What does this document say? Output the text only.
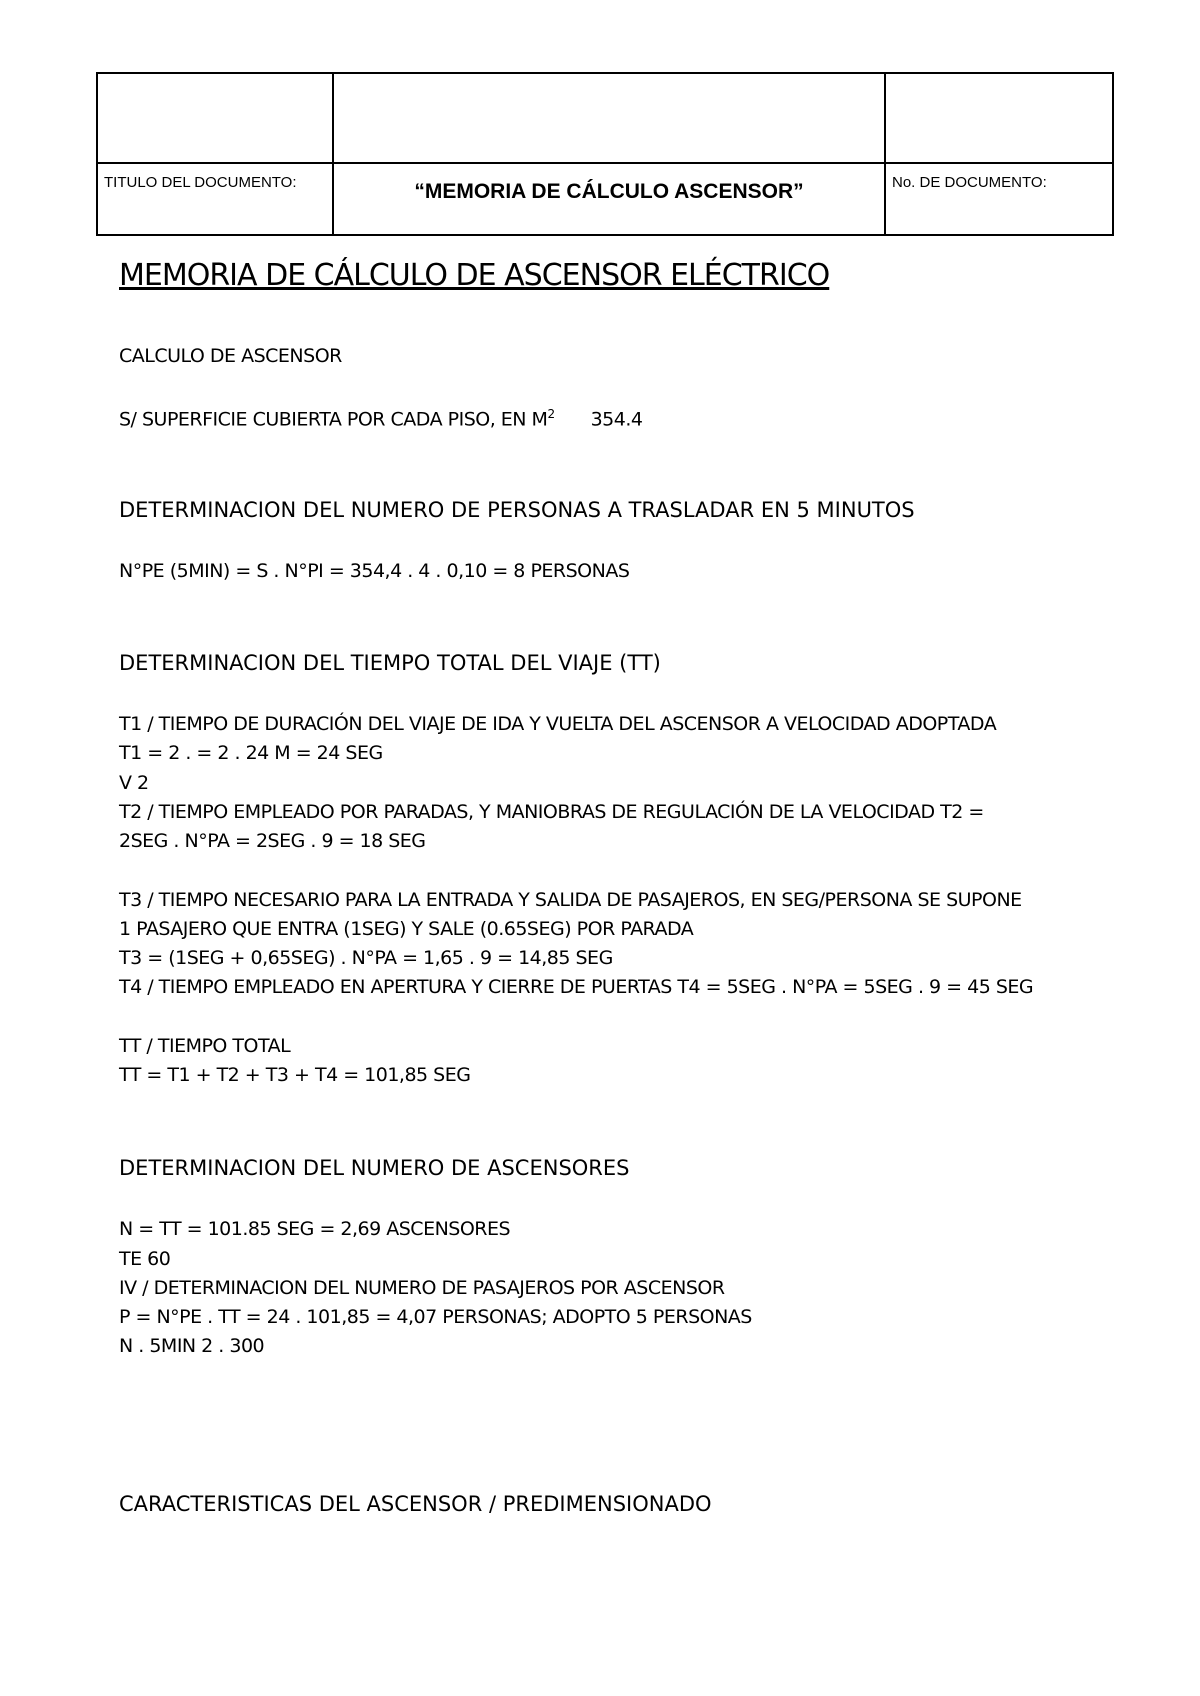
TITULO DEL DOCUMENTO:	“MEMORIA DE CÁLCULO ASCENSOR”	No. DE DOCUMENTO:
MEMORIA DE CÁLCULO DE ASCENSOR ELÉCTRICO
CALCULO DE ASCENSOR
S/ SUPERFICIE CUBIERTA POR CADA PISO, EN $M^2$ 354.4
DETERMINACION DEL NUMERO DE PERSONAS A TRASLADAR EN 5 MINUTOS
N°PE (5MIN) = S . N°PI = 354,4 . 4 . 0,10 = 8 PERSONAS
DETERMINACION DEL TIEMPO TOTAL DEL VIAJE (TT)
T1 / TIEMPO DE DURACIÓN DEL VIAJE DE IDA Y VUELTA DEL ASCENSOR A VELOCIDAD ADOPTADA
T1 = 2 . = 2 . 24 M = 24 SEG
V 2
T2 / TIEMPO EMPLEADO POR PARADAS, Y MANIOBRAS DE REGULACIÓN DE LA VELOCIDAD T2 =
2SEG . N°PA = 2SEG . 9 = 18 SEG
T3 / TIEMPO NECESARIO PARA LA ENTRADA Y SALIDA DE PASAJEROS, EN SEG/PERSONA SE SUPONE
1 PASAJERO QUE ENTRA (1SEG) Y SALE (0.65SEG) POR PARADA
T3 = (1SEG + 0,65SEG) . N°PA = 1,65 . 9 = 14,85 SEG
T4 / TIEMPO EMPLEADO EN APERTURA Y CIERRE DE PUERTAS T4 = 5SEG . N°PA = 5SEG . 9 = 45 SEG
TT / TIEMPO TOTAL
TT = T1 + T2 + T3 + T4 = 101,85 SEG
DETERMINACION DEL NUMERO DE ASCENSORES
N = TT = 101.85 SEG = 2,69 ASCENSORES
TE 60
IV / DETERMINACION DEL NUMERO DE PASAJEROS POR ASCENSOR
P = N°PE . TT = 24 . 101,85 = 4,07 PERSONAS; ADOPTO 5 PERSONAS
N . 5MIN 2 . 300
CARACTERISTICAS DEL ASCENSOR / PREDIMENSIONADO
